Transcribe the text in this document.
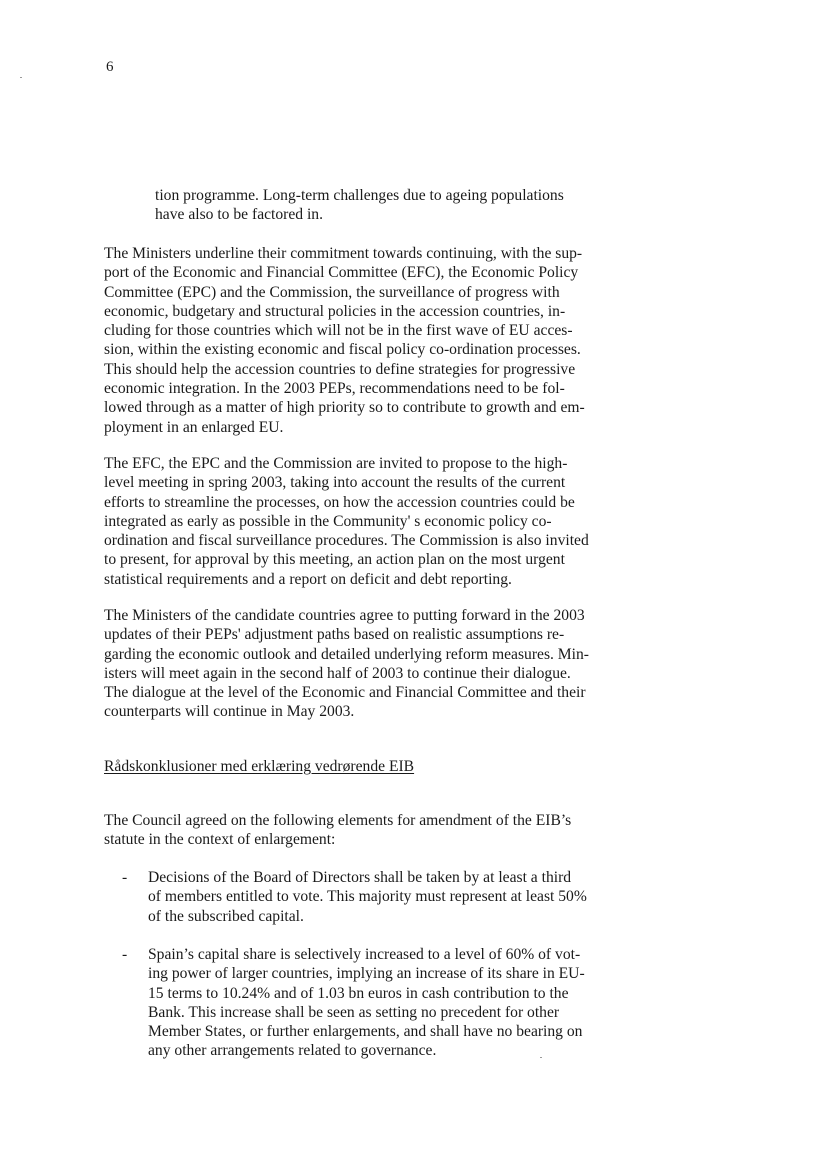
6
tion programme. Long-term challenges due to ageing populations
have also to be factored in.
The Ministers underline their commitment towards continuing, with the sup-
port of the Economic and Financial Committee (EFC), the Economic Policy
Committee (EPC) and the Commission, the surveillance of progress with
economic, budgetary and structural policies in the accession countries, in-
cluding for those countries which will not be in the first wave of EU acces-
sion, within the existing economic and fiscal policy co-ordination processes.
This should help the accession countries to define strategies for progressive
economic integration. In the 2003 PEPs, recommendations need to be fol-
lowed through as a matter of high priority so to contribute to growth and em-
ployment in an enlarged EU.
The EFC, the EPC and the Commission are invited to propose to the high-
level meeting in spring 2003, taking into account the results of the current
efforts to streamline the processes, on how the accession countries could be
integrated as early as possible in the Community' s economic policy co-
ordination and fiscal surveillance procedures. The Commission is also invited
to present, for approval by this meeting, an action plan on the most urgent
statistical requirements and a report on deficit and debt reporting.
The Ministers of the candidate countries agree to putting forward in the 2003
updates of their PEPs' adjustment paths based on realistic assumptions re-
garding the economic outlook and detailed underlying reform measures. Min-
isters will meet again in the second half of 2003 to continue their dialogue.
The dialogue at the level of the Economic and Financial Committee and their
counterparts will continue in May 2003.
Rådskonklusioner med erklæring vedrørende EIB
The Council agreed on the following elements for amendment of the EIB’s
statute in the context of enlargement:
- Decisions of the Board of Directors shall be taken by at least a third
of members entitled to vote. This majority must represent at least 50%
of the subscribed capital.
- Spain’s capital share is selectively increased to a level of 60% of vot-
ing power of larger countries, implying an increase of its share in EU-
15 terms to 10.24% and of 1.03 bn euros in cash contribution to the
Bank. This increase shall be seen as setting no precedent for other
Member States, or further enlargements, and shall have no bearing on
any other arrangements related to governance.
